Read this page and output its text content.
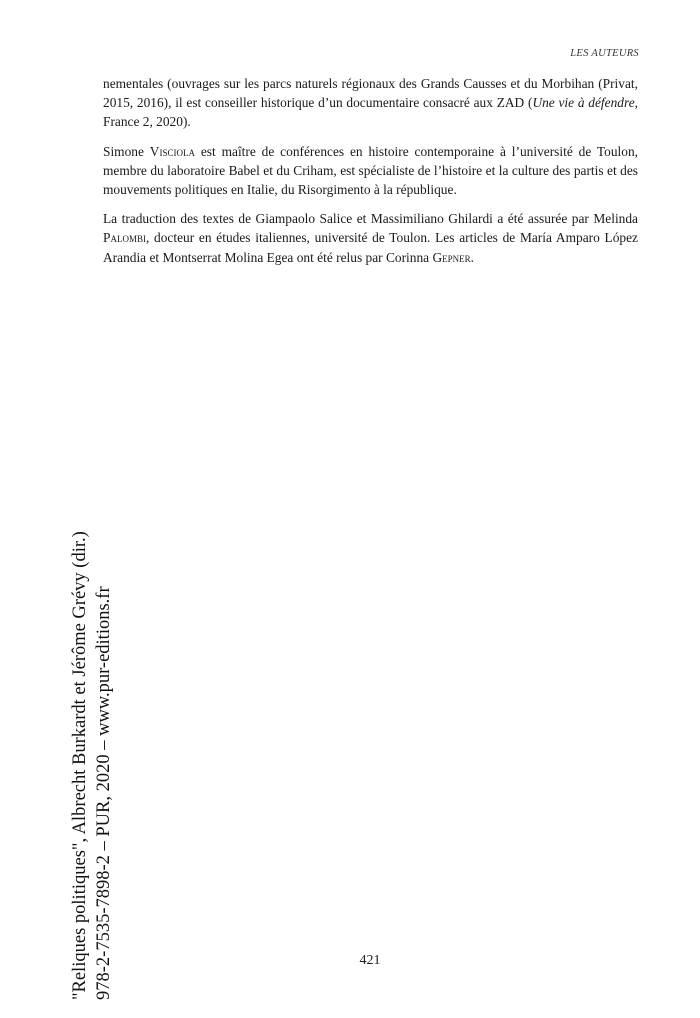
LES AUTEURS

nementales (ouvrages sur les parcs naturels régionaux des Grands Causses et du Morbihan (Privat, 2015, 2016), il est conseiller historique d’un documentaire consacré aux ZAD (Une vie à défendre, France 2, 2020).

Simone Visciola est maître de conférences en histoire contemporaine à l’université de Toulon, membre du laboratoire Babel et du Criham, est spécialiste de l’histoire et la culture des partis et des mouvements politiques en Italie, du Risorgimento à la république.

La traduction des textes de Giampaolo Salice et Massimiliano Ghilardi a été assurée par Melinda Palombi, docteur en études italiennes, université de Toulon. Les articles de María Amparo López Arandia et Montserrat Molina Egea ont été relus par Corinna Gepner.

421
"Reliques politiques", Albrecht Burkardt et Jérôme Grévy (dir.) 978-2-7535-7898-2 – PUR, 2020 – www.pur-editions.fr
